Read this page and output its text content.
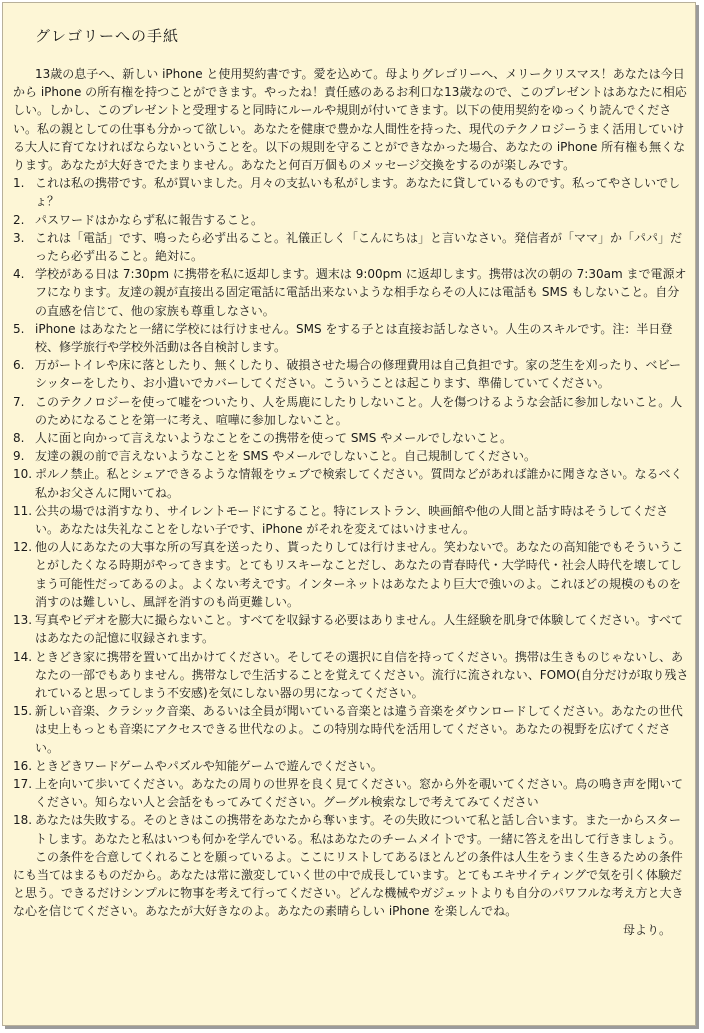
グレゴリーへの手紙

13歳の息子へ、新しい iPhone と使用契約書です。愛を込めて。母よりグレゴリーへ、メリークリスマス！あなたは今日から iPhone の所有権を持つことができます。やったね！責任感のあるお利口な13歳なので、このプレゼントはあなたに相応しい。しかし、このプレゼントと受理すると同時にルールや規則が付いてきます。以下の使用契約をゆっくり読んでください。私の親としての仕事も分かって欲しい。あなたを健康で豊かな人間性を持った、現代のテクノロジーうまく活用していける大人に育てなければならないということを。以下の規則を守ることができなかった場合、あなたの iPhone 所有権も無くなります。あなたが大好きでたまりません。あなたと何百万個ものメッセージ交換をするのが楽しみです。

1. これは私の携帯です。私が買いました。月々の支払いも私がします。あなたに貸しているものです。私ってやさしいでしょ？
2. パスワードはかならず私に報告すること。
3. これは「電話」です、鳴ったら必ず出ること。礼儀正しく「こんにちは」と言いなさい。発信者が「ママ」か「パパ」だったら必ず出ること。絶対に。
4. 学校がある日は 7:30pm に携帯を私に返却します。週末は 9:00pm に返却します。携帯は次の朝の 7:30am まで電源オフになります。友達の親が直接出る固定電話に電話出来ないような相手ならその人には電話も SMS もしないこと。自分の直感を信じて、他の家族も尊重しなさい。
5. iPhone はあなたと一緒に学校には行けません。SMS をする子とは直接お話しなさい。人生のスキルです。注：半日登校、修学旅行や学校外活動は各自検討します。
6. 万がートイレや床に落としたり、無くしたり、破損させた場合の修理費用は自己負担です。家の芝生を刈ったり、ベビーシッターをしたり、お小遣いでカバーしてください。こういうことは起こります、準備していてください。
7. このテクノロジーを使って嘘をついたり、人を馬鹿にしたりしないこと。人を傷つけるような会話に参加しないこと。人のためになることを第一に考え、喧嘩に参加しないこと。
8. 人に面と向かって言えないようなことをこの携帯を使って SMS やメールでしないこと。
9. 友達の親の前で言えないようなことを SMS やメールでしないこと。自己規制してください。
10. ポルノ禁止。私とシェアできるような情報をウェブで検索してください。質問などがあれば誰かに聞きなさい。なるべく私かお父さんに聞いてね。
11. 公共の場では消すなり、サイレントモードにすること。特にレストラン、映画館や他の人間と話す時はそうしてください。あなたは失礼なことをしない子です、iPhone がそれを変えてはいけません。
12. 他の人にあなたの大事な所の写真を送ったり、貰ったりしては行けません。笑わないで。あなたの高知能でもそういうことがしたくなる時期がやってきます。とてもリスキーなことだし、あなたの青春時代・大学時代・社会人時代を壊してしまう可能性だってあるのよ。よくない考えです。インターネットはあなたより巨大で強いのよ。これほどの規模のものを消すのは難しいし、風評を消すのも尚更難しい。
13. 写真やビデオを膨大に撮らないこと。すべてを収録する必要はありません。人生経験を肌身で体験してください。すべてはあなたの記憶に収録されます。
14. ときどき家に携帯を置いて出かけてください。そしてその選択に自信を持ってください。携帯は生きものじゃないし、あなたの一部でもありません。携帯なしで生活することを覚えてください。流行に流されない、FOMO(自分だけが取り残されていると思ってしまう不安感)を気にしない器の男になってください。
15. 新しい音楽、クラシック音楽、あるいは全員が聞いている音楽とは違う音楽をダウンロードしてください。あなたの世代は史上もっとも音楽にアクセスできる世代なのよ。この特別な時代を活用してください。あなたの視野を広げてください。
16. ときどきワードゲームやパズルや知能ゲームで遊んでください。
17. 上を向いて歩いてください。あなたの周りの世界を良く見てください。窓から外を覗いてください。鳥の鳴き声を聞いてください。知らない人と会話をもってみてください。グーグル検索なしで考えてみてください
18. あなたは失敗する。そのときはこの携帯をあなたから奪います。その失敗について私と話し合います。また一からスタートします。あなたと私はいつも何かを学んでいる。私はあなたのチームメイトです。一緒に答えを出して行きましょう。

この条件を合意してくれることを願っているよ。ここにリストしてあるほとんどの条件は人生をうまく生きるための条件にも当てはまるものだから。あなたは常に激変していく世の中で成長しています。とてもエキサイティングで気を引く体験だと思う。できるだけシンプルに物事を考えて行ってください。どんな機械やガジェットよりも自分のパワフルな考え方と大きな心を信じてください。あなたが大好きなのよ。あなたの素晴らしい iPhone を楽しんでね。

母より。
